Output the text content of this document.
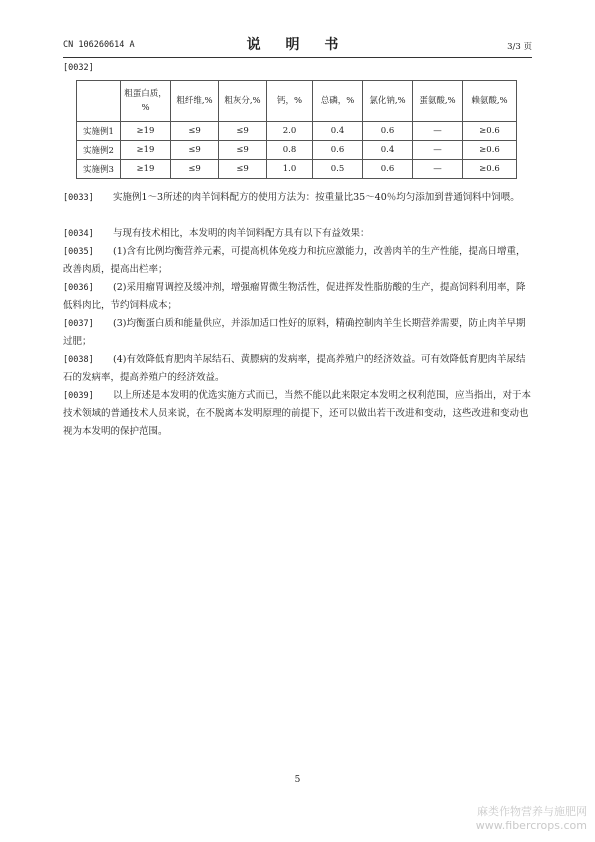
CN 106260614 A	说 明 书	3/3 页
[0032]
	粗蛋白质，%	粗纤维,%	粗灰分,%	钙，%	总磷，%	氯化钠,%	蛋氨酸,%	赖氨酸,%
实施例1	≥19	≤9	≤9	2.0	0.4	0.6	—	≥0.6
实施例2	≥19	≤9	≤9	0.8	0.6	0.4	—	≥0.6
实施例3	≥19	≤9	≤9	1.0	0.5	0.6	—	≥0.6
[0033] 实施例1～3所述的肉羊饲料配方的使用方法为：按重量比35～40％均匀添加到普通饲料中饲喂。
[0034] 与现有技术相比，本发明的肉羊饲料配方具有以下有益效果：
[0035] (1)含有比例均衡营养元素，可提高机体免疫力和抗应激能力，改善肉羊的生产性能，提高日增重，改善肉质，提高出栏率；
[0036] (2)采用瘤胃调控及缓冲剂，增强瘤胃微生物活性，促进挥发性脂肪酸的生产，提高饲料利用率，降低料肉比，节约饲料成本；
[0037] (3)均衡蛋白质和能量供应，并添加适口性好的原料，精确控制肉羊生长期营养需要，防止肉羊早期过肥；
[0038] (4)有效降低育肥肉羊尿结石、黄膘病的发病率，提高养殖户的经济效益。可有效降低育肥肉羊尿结石的发病率，提高养殖户的经济效益。
[0039] 以上所述是本发明的优选实施方式而已，当然不能以此来限定本发明之权利范围，应当指出，对于本技术领域的普通技术人员来说，在不脱离本发明原理的前提下，还可以做出若干改进和变动，这些改进和变动也视为本发明的保护范围。
5
麻类作物营养与施肥网
www.fibercrops.com
